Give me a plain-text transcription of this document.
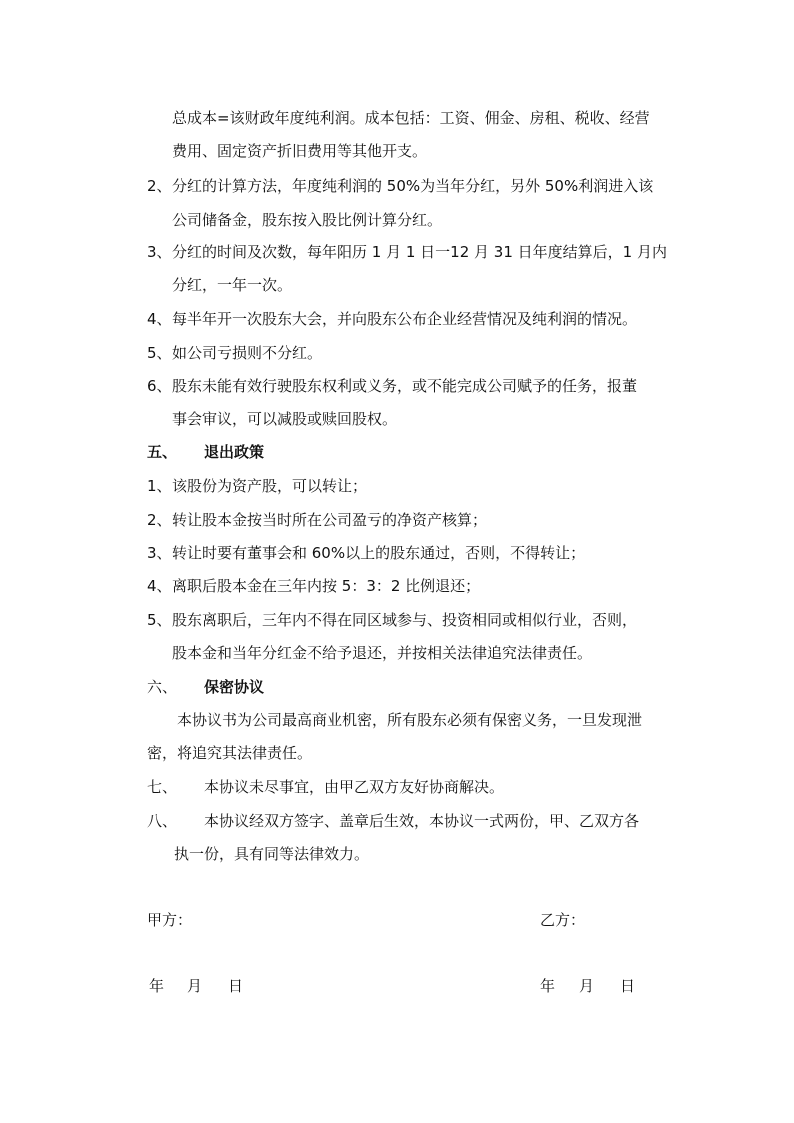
总成本=该财政年度纯利润。成本包括：工资、佣金、房租、税收、经营
费用、固定资产折旧费用等其他开支。
2、 分红的计算方法，年度纯利润的 50%为当年分红，另外 50%利润进入该
公司储备金，股东按入股比例计算分红。
3、 分红的时间及次数，每年阳历 1 月 1 日一12 月 31 日年度结算后，1 月内
分红，一年一次。
4、 每半年开一次股东大会，并向股东公布企业经营情况及纯利润的情况。
5、 如公司亏损则不分红。
6、 股东未能有效行驶股东权利或义务，或不能完成公司赋予的任务，报董
事会审议，可以减股或赎回股权。
五、 退出政策
1、 该股份为资产股，可以转让；
2、 转让股本金按当时所在公司盈亏的净资产核算；
3、 转让时要有董事会和 60%以上的股东通过，否则，不得转让；
4、 离职后股本金在三年内按 5：3：2 比例退还；
5、 股东离职后，三年内不得在同区域参与、投资相同或相似行业，否则，
股本金和当年分红金不给予退还，并按相关法律追究法律责任。
六、 保密协议
本协议书为公司最高商业机密，所有股东必须有保密义务，一旦发现泄
密，将追究其法律责任。
七、 本协议未尽事宜，由甲乙双方友好协商解决。
八、 本协议经双方签字、盖章后生效，本协议一式两份，甲、乙双方各
执一份，具有同等法律效力。
甲方：	乙方：
年 月 日	年 月 日
